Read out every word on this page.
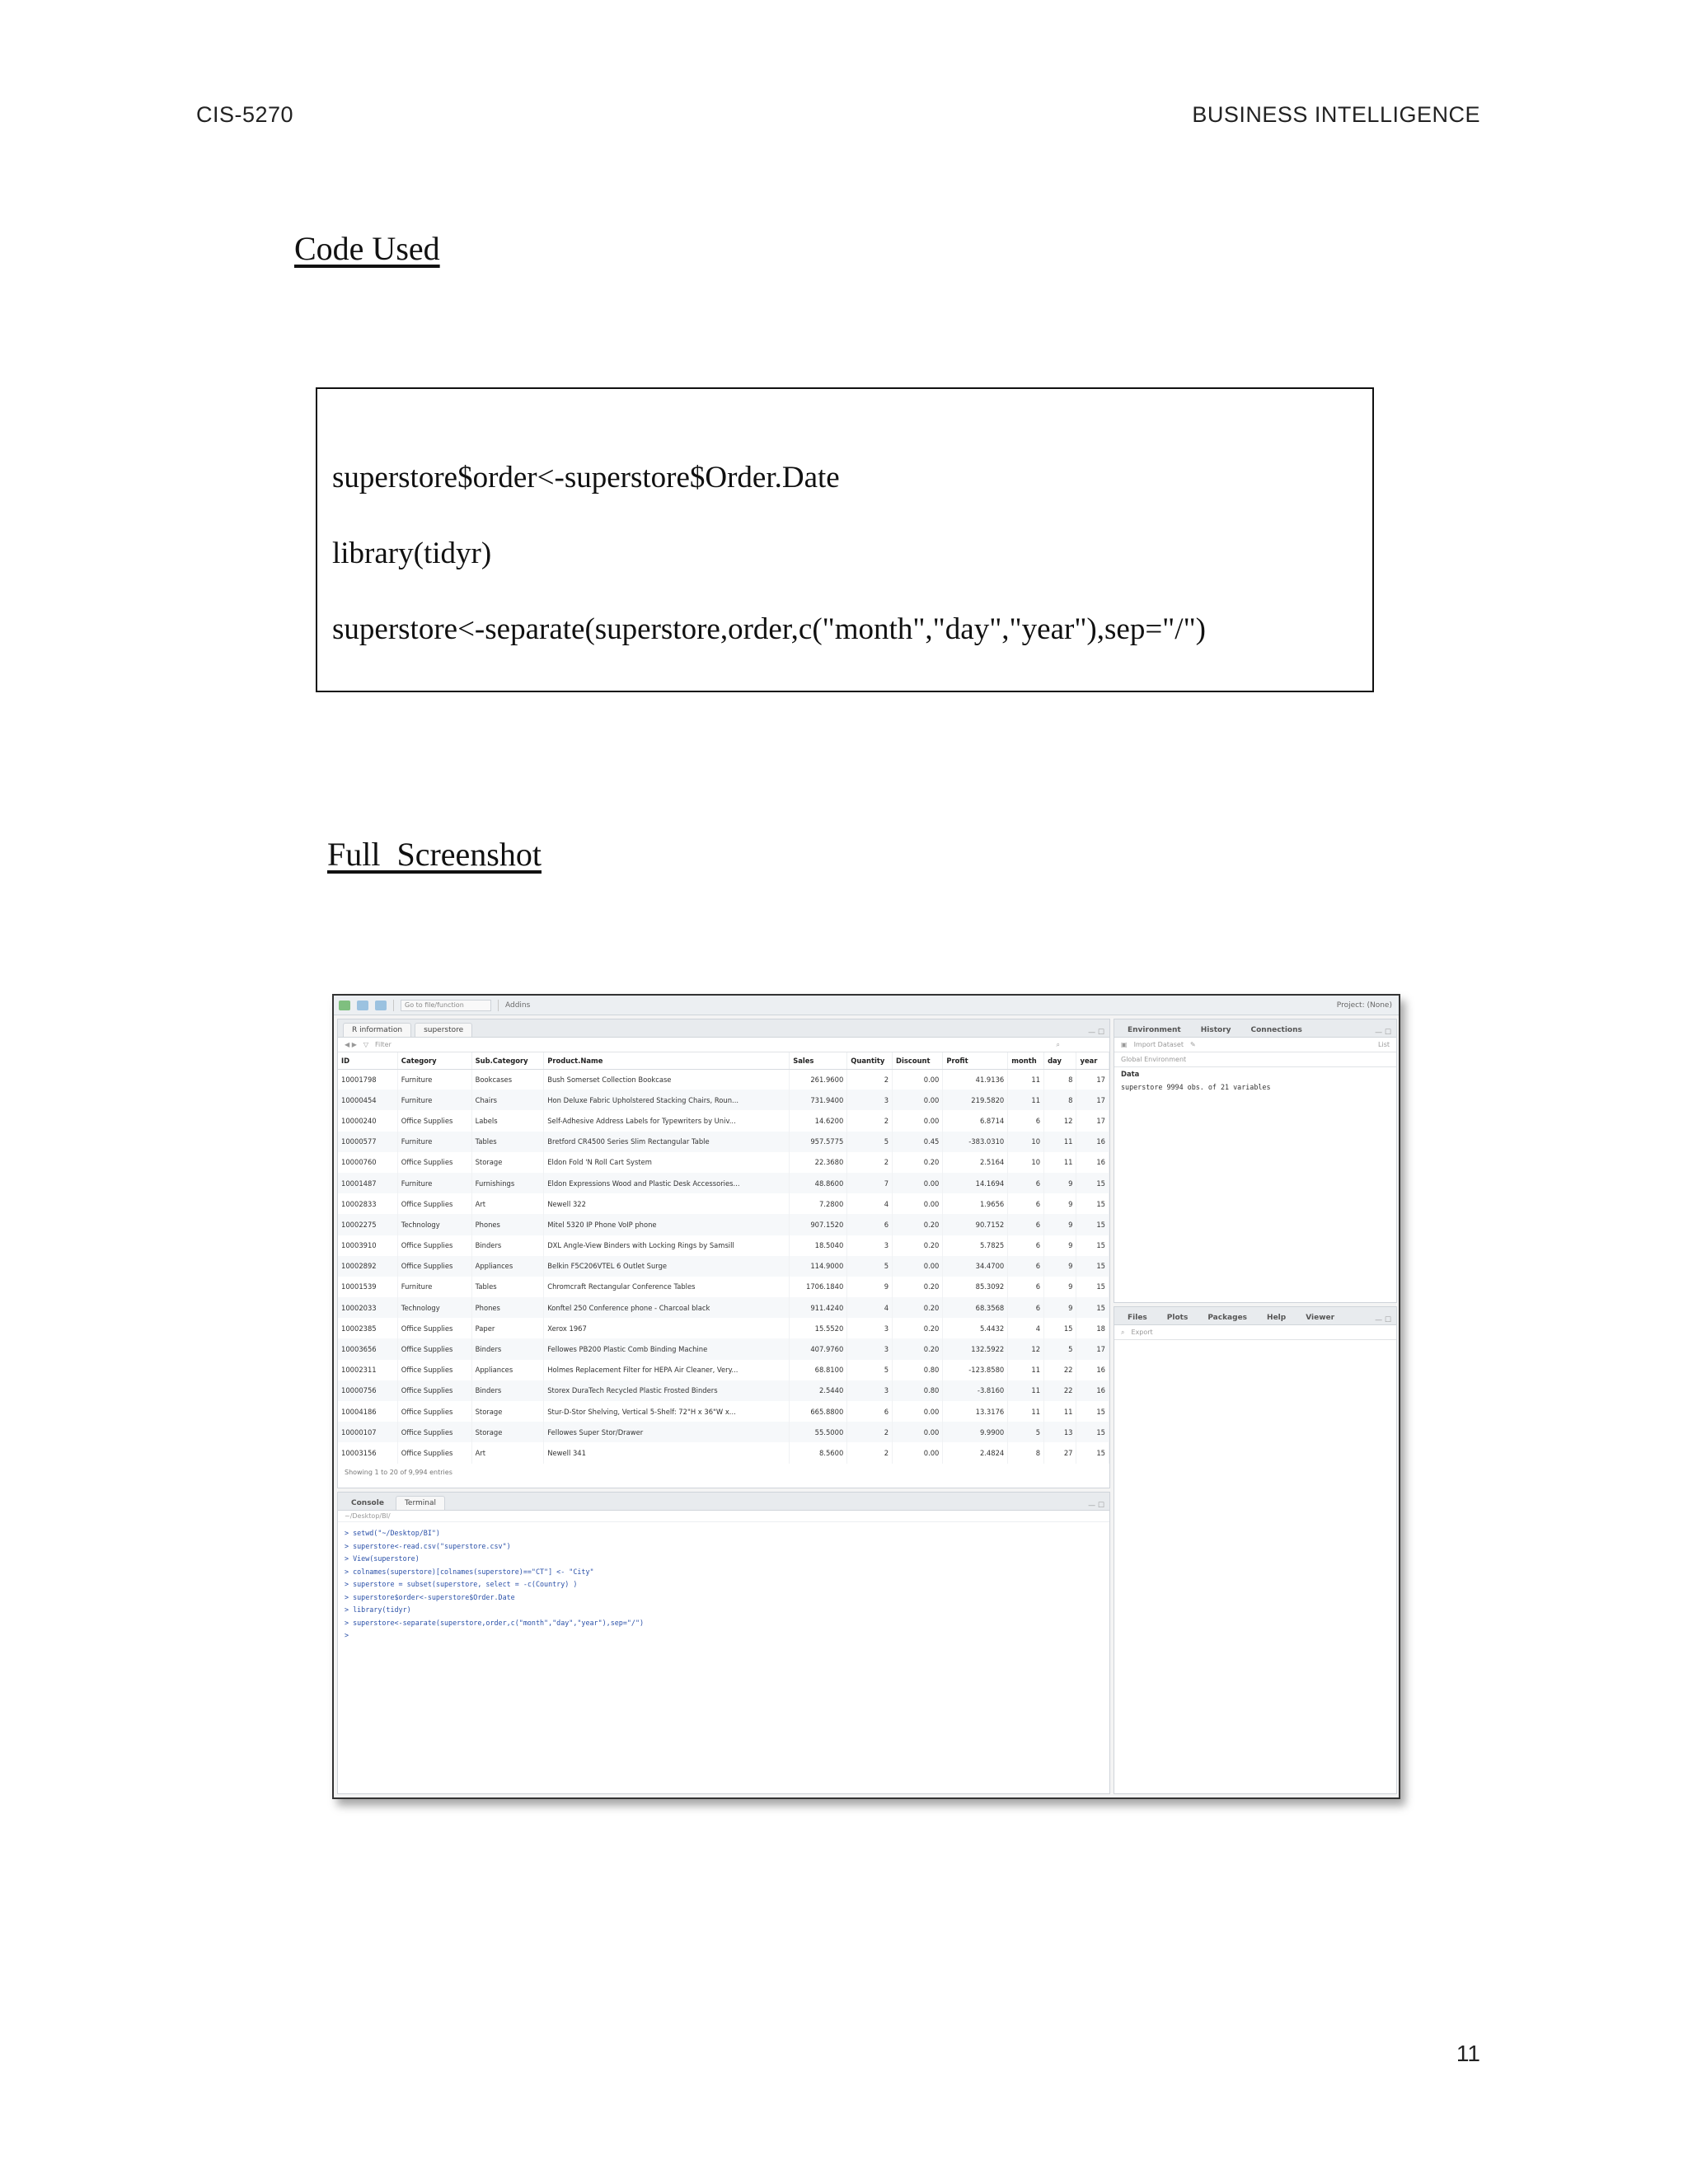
CIS-5270	BUSINESS INTELLIGENCE
Code Used
superstore$order<-superstore$Order.Date
library(tidyr)
superstore<-separate(superstore,order,c("month","day","year"),sep="/")
Full  Screenshot
Go to file/function	Addins	Project: (None)
R information	superstore	— ☐
◀ ▶ ▽ Filter	⌕
ID	Category	Sub.Category	Product.Name	Sales	Quantity	Discount	Profit	month	day	year
10001798	Furniture	Bookcases	Bush Somerset Collection Bookcase	261.9600	2	0.00	41.9136	11	8	17
10000454	Furniture	Chairs	Hon Deluxe Fabric Upholstered Stacking Chairs, Roun...	731.9400	3	0.00	219.5820	11	8	17
10000240	Office Supplies	Labels	Self-Adhesive Address Labels for Typewriters by Univ...	14.6200	2	0.00	6.8714	6	12	17
10000577	Furniture	Tables	Bretford CR4500 Series Slim Rectangular Table	957.5775	5	0.45	-383.0310	10	11	16
10000760	Office Supplies	Storage	Eldon Fold 'N Roll Cart System	22.3680	2	0.20	2.5164	10	11	16
10001487	Furniture	Furnishings	Eldon Expressions Wood and Plastic Desk Accessories...	48.8600	7	0.00	14.1694	6	9	15
10002833	Office Supplies	Art	Newell 322	7.2800	4	0.00	1.9656	6	9	15
10002275	Technology	Phones	Mitel 5320 IP Phone VoIP phone	907.1520	6	0.20	90.7152	6	9	15
10003910	Office Supplies	Binders	DXL Angle-View Binders with Locking Rings by Samsill	18.5040	3	0.20	5.7825	6	9	15
10002892	Office Supplies	Appliances	Belkin F5C206VTEL 6 Outlet Surge	114.9000	5	0.00	34.4700	6	9	15
10001539	Furniture	Tables	Chromcraft Rectangular Conference Tables	1706.1840	9	0.20	85.3092	6	9	15
10002033	Technology	Phones	Konftel 250 Conference phone - Charcoal black	911.4240	4	0.20	68.3568	6	9	15
10002385	Office Supplies	Paper	Xerox 1967	15.5520	3	0.20	5.4432	4	15	18
10003656	Office Supplies	Binders	Fellowes PB200 Plastic Comb Binding Machine	407.9760	3	0.20	132.5922	12	5	17
10002311	Office Supplies	Appliances	Holmes Replacement Filter for HEPA Air Cleaner, Very...	68.8100	5	0.80	-123.8580	11	22	16
10000756	Office Supplies	Binders	Storex DuraTech Recycled Plastic Frosted Binders	2.5440	3	0.80	-3.8160	11	22	16
10004186	Office Supplies	Storage	Stur-D-Stor Shelving, Vertical 5-Shelf: 72"H x 36"W x...	665.8800	6	0.00	13.3176	11	11	15
10000107	Office Supplies	Storage	Fellowes Super Stor/Drawer	55.5000	2	0.00	9.9900	5	13	15
10003156	Office Supplies	Art	Newell 341	8.5600	2	0.00	2.4824	8	27	15
Showing 1 to 20 of 9,994 entries
Console	Terminal	— ☐
~/Desktop/BI/
> setwd("~/Desktop/BI")
> superstore<-read.csv("superstore.csv")
> View(superstore)
> colnames(superstore)[colnames(superstore)=="CT"] <- "City"
> superstore = subset(superstore, select = -c(Country) )
> superstore$order<-superstore$Order.Date
> library(tidyr)
> superstore<-separate(superstore,order,c("month","day","year"),sep="/")
>
Environment	History	Connections	— ☐
▣ Import Dataset ✎	List
Global Environment
Data
superstore 9994 obs. of 21 variables
Files	Plots	Packages	Help	Viewer	— ☐
⌕ Export
11
